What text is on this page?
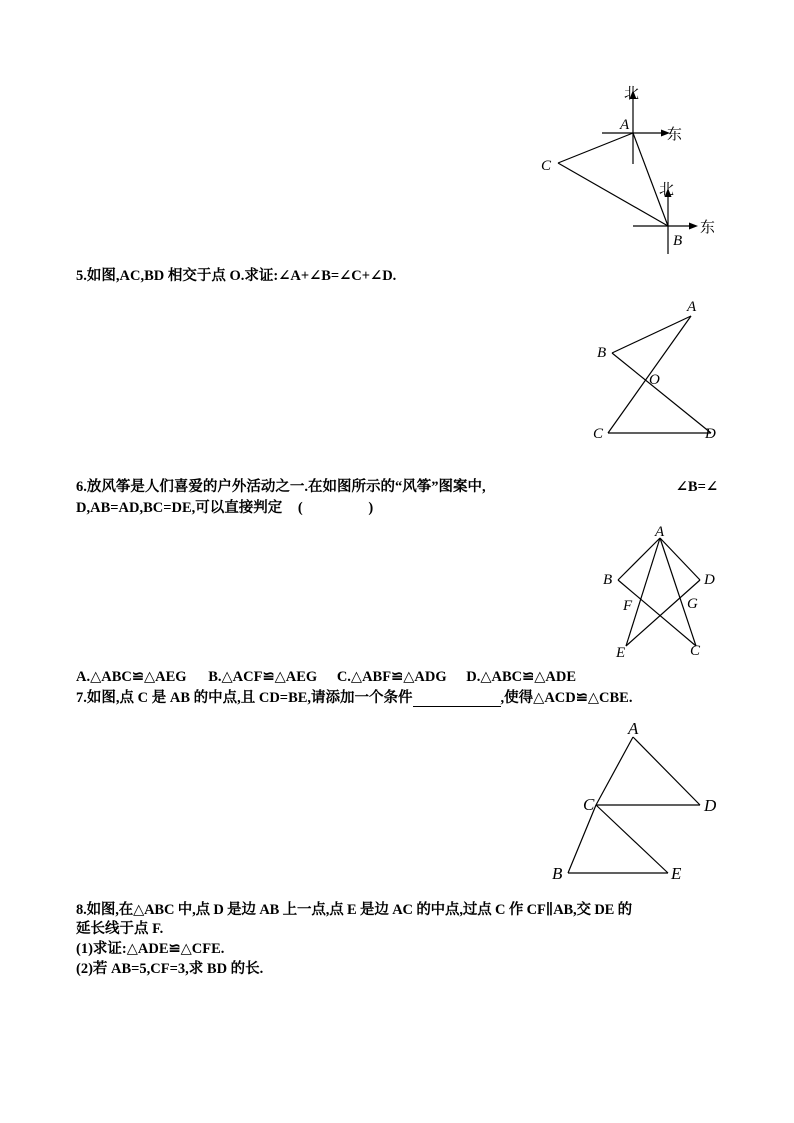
北
东
北
东
A
B
C
5.如图,AC,BD 相交于点 O.求证:∠A+∠B=∠C+∠D.
A
B
O
C	D
6.放风筝是人们喜爱的户外活动之一.在如图所示的“风筝”图案中,	∠B=∠
D,AB=AD,BC=DE,可以直接判定 (	)
A
B	D
F	G
E	C
A.△ABC≌△AEG B.△ACF≌△AEG C.△ABF≌△ADG D.△ABC≌△ADE
7.如图,点 C 是 AB 的中点,且 CD=BE,请添加一个条件	,使得△ACD≌△CBE.
A
C	D
B	E
8.如图,在△ABC 中,点 D 是边 AB 上一点,点 E 是边 AC 的中点,过点 C 作 CF∥AB,交 DE 的
延长线于点 F.
(1)求证:△ADE≌△CFE.
(2)若 AB=5,CF=3,求 BD 的长.
